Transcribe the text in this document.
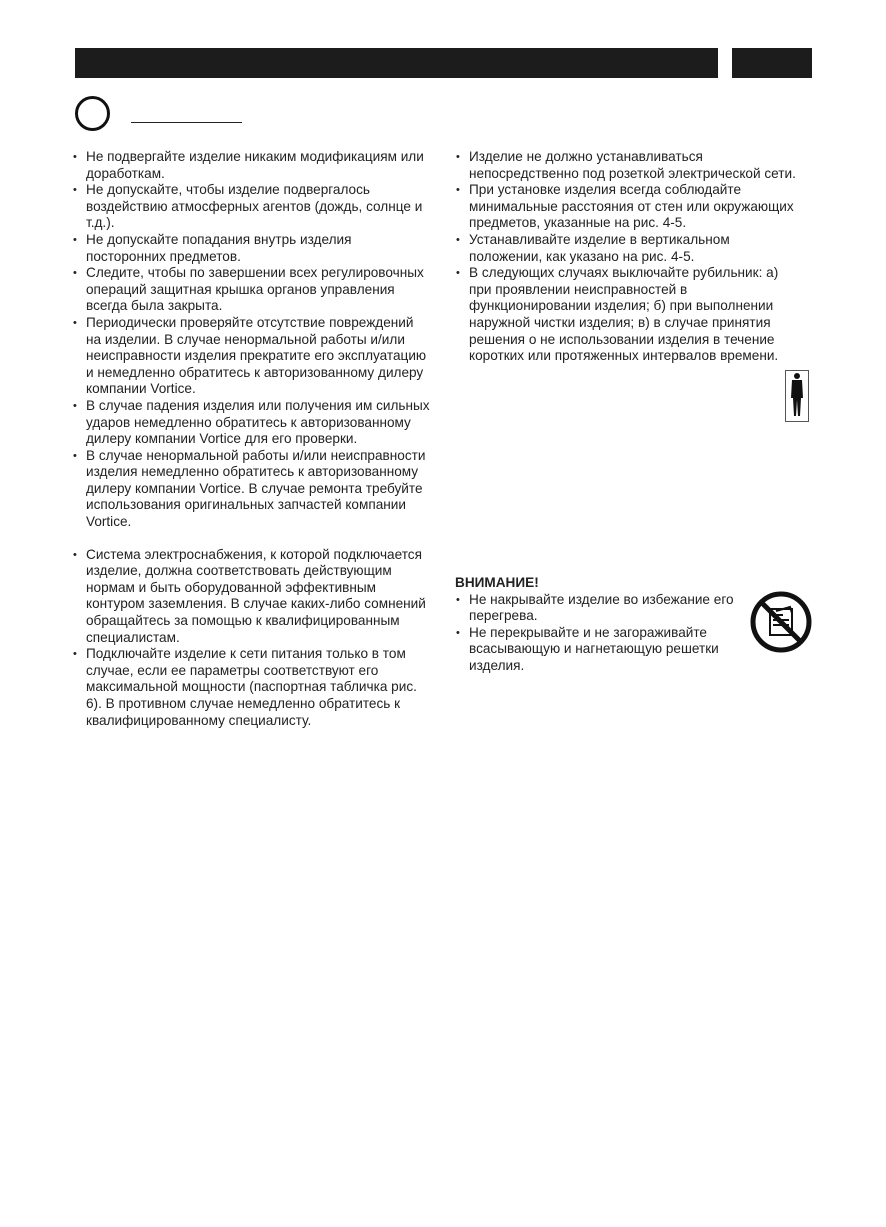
• Не подвергайте изделие никаким модификациям или доработкам.
• Не допускайте, чтобы изделие подвергалось воздействию атмосферных агентов (дождь, солнце и т.д.).
• Не допускайте попадания внутрь изделия посторонних предметов.
• Следите, чтобы по завершении всех регулировочных операций защитная крышка органов управления всегда была закрыта.
• Периодически проверяйте отсутствие повреждений на изделии. В случае ненормальной работы и/или неисправности изделия прекратите его эксплуатацию и немедленно обратитесь к авторизованному дилеру компании Vortice.
• В случае падения изделия или получения им сильных ударов немедленно обратитесь к авторизованному дилеру компании Vortice для его проверки.
• В случае ненормальной работы и/или неисправности изделия немедленно обратитесь к авторизованному дилеру компании Vortice. В случае ремонта требуйте использования оригинальных запчастей компании Vortice.
• Система электроснабжения, к которой подключается изделие, должна соответствовать действующим нормам и быть оборудованной эффективным контуром заземления. В случае каких-либо сомнений обращайтесь за помощью к квалифицированным специалистам.
• Подключайте изделие к сети питания только в том случае, если ее параметры соответствуют его максимальной мощности (паспортная табличка рис. 6). В противном случае немедленно обратитесь к квалифицированному специалисту.
• Изделие не должно устанавливаться непосредственно под розеткой электрической сети.
• При установке изделия всегда соблюдайте минимальные расстояния от стен или окружающих предметов, указанные на рис. 4-5.
• Устанавливайте изделие в вертикальном положении, как указано на рис. 4-5.
• В следующих случаях выключайте рубильник: а) при проявлении неисправностей в функционировании изделия; б) при выполнении наружной чистки изделия; в) в случае принятия решения о не использовании изделия в течение коротких или протяженных интервалов времени.
ВНИМАНИЕ!
• Не накрывайте изделие во избежание его перегрева.
• Не перекрывайте и не загораживайте всасывающую и нагнетающую решетки изделия.
